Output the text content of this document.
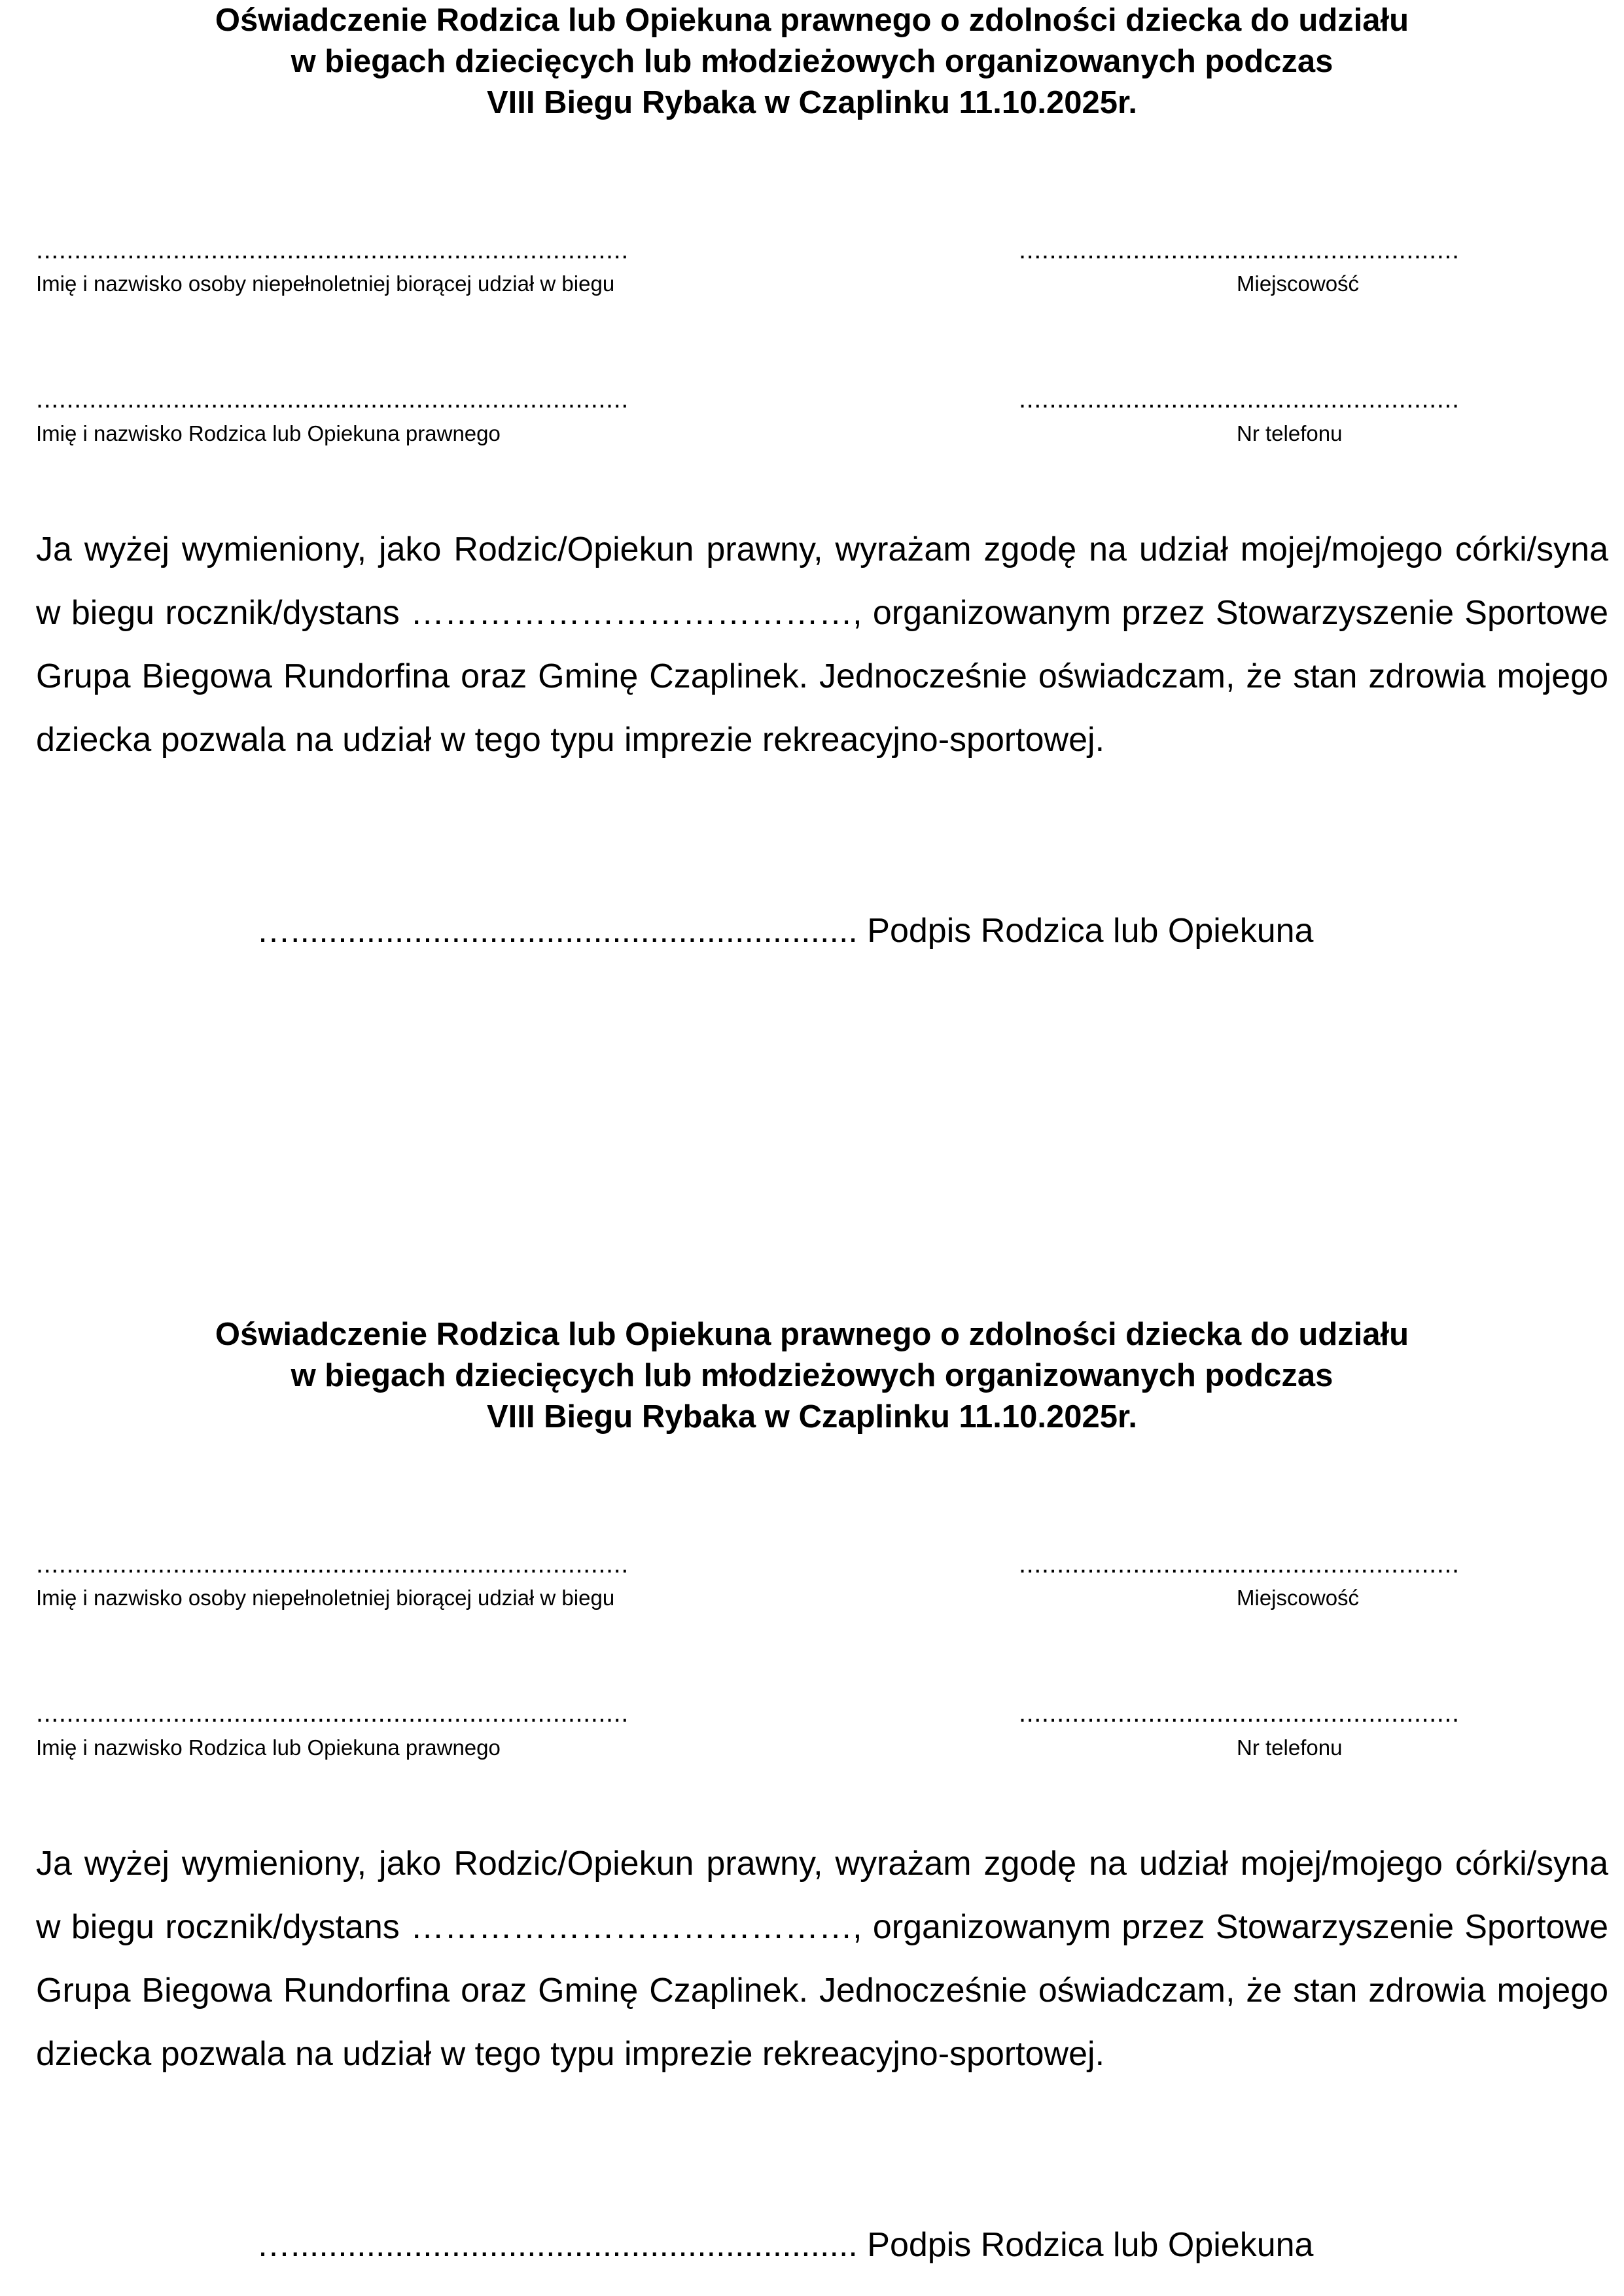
Oświadczenie Rodzica lub Opiekuna prawnego o zdolności dziecka do udziału
w biegach dziecięcych lub młodzieżowych organizowanych podczas
VIII Biegu Rybaka w Czaplinku 11.10.2025r.
..............................................................................
Imię i nazwisko osoby niepełnoletniej biorącej udział w biegu
..........................................................
Miejscowość
..............................................................................
Imię i nazwisko Rodzica lub Opiekuna prawnego
..........................................................
Nr telefonu

Ja wyżej wymieniony, jako Rodzic/Opiekun prawny, wyrażam zgodę na udział mojej/mojego córki/syna w biegu rocznik/dystans …………………………………, organizowanym przez Stowarzyszenie Sportowe Grupa Biegowa Rundorfina oraz Gminę Czaplinek. Jednocześnie oświadczam, że stan zdrowia mojego dziecka pozwala na udział w tego typu imprezie rekreacyjno-sportowej.

…............................................................ Podpis Rodzica lub Opiekuna
Oświadczenie Rodzica lub Opiekuna prawnego o zdolności dziecka do udziału
w biegach dziecięcych lub młodzieżowych organizowanych podczas
VIII Biegu Rybaka w Czaplinku 11.10.2025r.
..............................................................................
Imię i nazwisko osoby niepełnoletniej biorącej udział w biegu
..........................................................
Miejscowość
..............................................................................
Imię i nazwisko Rodzica lub Opiekuna prawnego
..........................................................
Nr telefonu

Ja wyżej wymieniony, jako Rodzic/Opiekun prawny, wyrażam zgodę na udział mojej/mojego córki/syna w biegu rocznik/dystans …………………………………, organizowanym przez Stowarzyszenie Sportowe Grupa Biegowa Rundorfina oraz Gminę Czaplinek. Jednocześnie oświadczam, że stan zdrowia mojego dziecka pozwala na udział w tego typu imprezie rekreacyjno-sportowej.

…............................................................ Podpis Rodzica lub Opiekuna
